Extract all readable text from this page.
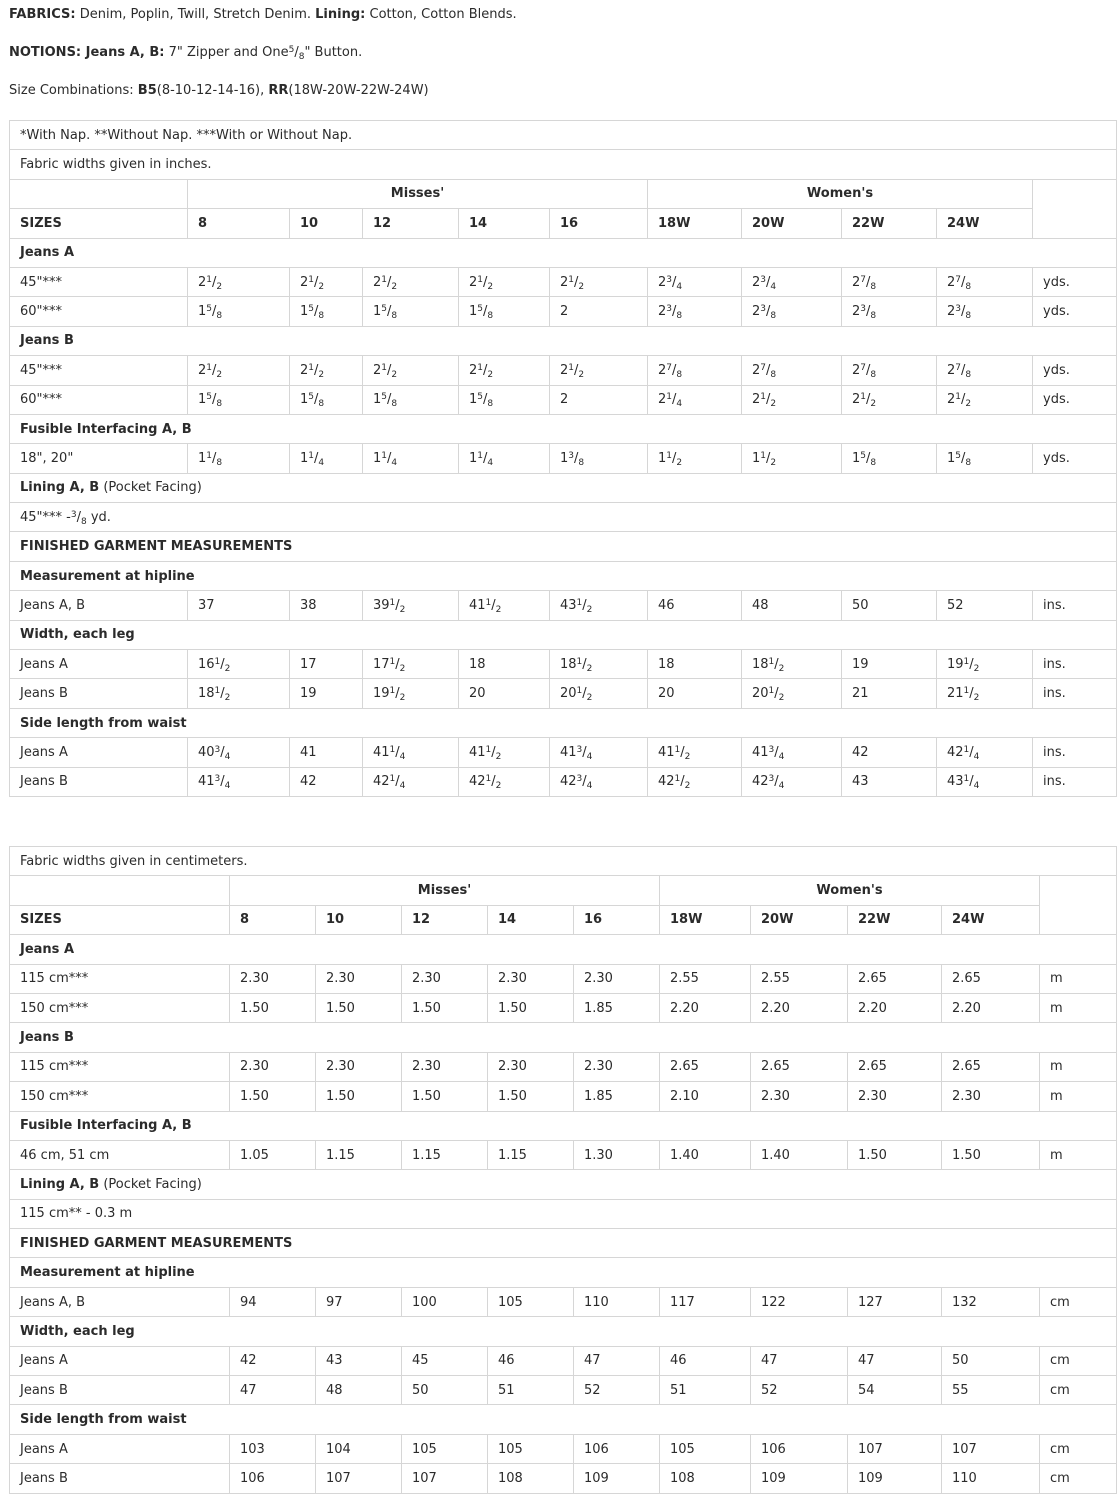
FABRICS: Denim, Poplin, Twill, Stretch Denim. Lining: Cotton, Cotton Blends.
NOTIONS: Jeans A, B: 7" Zipper and $One^5/_8$" Button.
Size Combinations: B5(8-10-12-14-16), RR(18W-20W-22W-24W)
*With Nap. **Without Nap. ***With or Without Nap.										
Fabric widths given in inches.										
	Misses'					Women's				
SIZES	8	10	12	14	16	18W	20W	22W	24W	
Jeans A										
45"***	$2^1/_2$	$2^1/_2$	$2^1/_2$	$2^1/_2$	$2^1/_2$	$2^3/_4$	$2^3/_4$	$2^7/_8$	$2^7/_8$	yds.
60"***	$1^5/_8$	$1^5/_8$	$1^5/_8$	$1^5/_8$	2	$2^3/_8$	$2^3/_8$	$2^3/_8$	$2^3/_8$	yds.
Jeans B										
45"***	$2^1/_2$	$2^1/_2$	$2^1/_2$	$2^1/_2$	$2^1/_2$	$2^7/_8$	$2^7/_8$	$2^7/_8$	$2^7/_8$	yds.
60"***	$1^5/_8$	$1^5/_8$	$1^5/_8$	$1^5/_8$	2	$2^1/_4$	$2^1/_2$	$2^1/_2$	$2^1/_2$	yds.
Fusible Interfacing A, B										
18", 20"	$1^1/_8$	$1^1/_4$	$1^1/_4$	$1^1/_4$	$1^3/_8$	$1^1/_2$	$1^1/_2$	$1^5/_8$	$1^5/_8$	yds.
Lining A, B (Pocket Facing)										
45"*** $-^3/_8$ yd.										
FINISHED GARMENT MEASUREMENTS										
Measurement at hipline										
Jeans A, B	37	38	$39^1/_2$	$41^1/_2$	$43^1/_2$	46	48	50	52	ins.
Width, each leg										
Jeans A	$16^1/_2$	17	$17^1/_2$	18	$18^1/_2$	18	$18^1/_2$	19	$19^1/_2$	ins.
Jeans B	$18^1/_2$	19	$19^1/_2$	20	$20^1/_2$	20	$20^1/_2$	21	$21^1/_2$	ins.
Side length from waist										
Jeans A	$40^3/_4$	41	$41^1/_4$	$41^1/_2$	$41^3/_4$	$41^1/_2$	$41^3/_4$	42	$42^1/_4$	ins.
Jeans B	$41^3/_4$	42	$42^1/_4$	$42^1/_2$	$42^3/_4$	$42^1/_2$	$42^3/_4$	43	$43^1/_4$	ins.
Fabric widths given in centimeters.										
	Misses'					Women's				
SIZES	8	10	12	14	16	18W	20W	22W	24W	
Jeans A										
115 cm***	2.30	2.30	2.30	2.30	2.30	2.55	2.55	2.65	2.65	m
150 cm***	1.50	1.50	1.50	1.50	1.85	2.20	2.20	2.20	2.20	m
Jeans B										
115 cm***	2.30	2.30	2.30	2.30	2.30	2.65	2.65	2.65	2.65	m
150 cm***	1.50	1.50	1.50	1.50	1.85	2.10	2.30	2.30	2.30	m
Fusible Interfacing A, B										
46 cm, 51 cm	1.05	1.15	1.15	1.15	1.30	1.40	1.40	1.50	1.50	m
Lining A, B (Pocket Facing)										
115 cm** - 0.3 m										
FINISHED GARMENT MEASUREMENTS										
Measurement at hipline										
Jeans A, B	94	97	100	105	110	117	122	127	132	cm
Width, each leg										
Jeans A	42	43	45	46	47	46	47	47	50	cm
Jeans B	47	48	50	51	52	51	52	54	55	cm
Side length from waist										
Jeans A	103	104	105	105	106	105	106	107	107	cm
Jeans B	106	107	107	108	109	108	109	109	110	cm
